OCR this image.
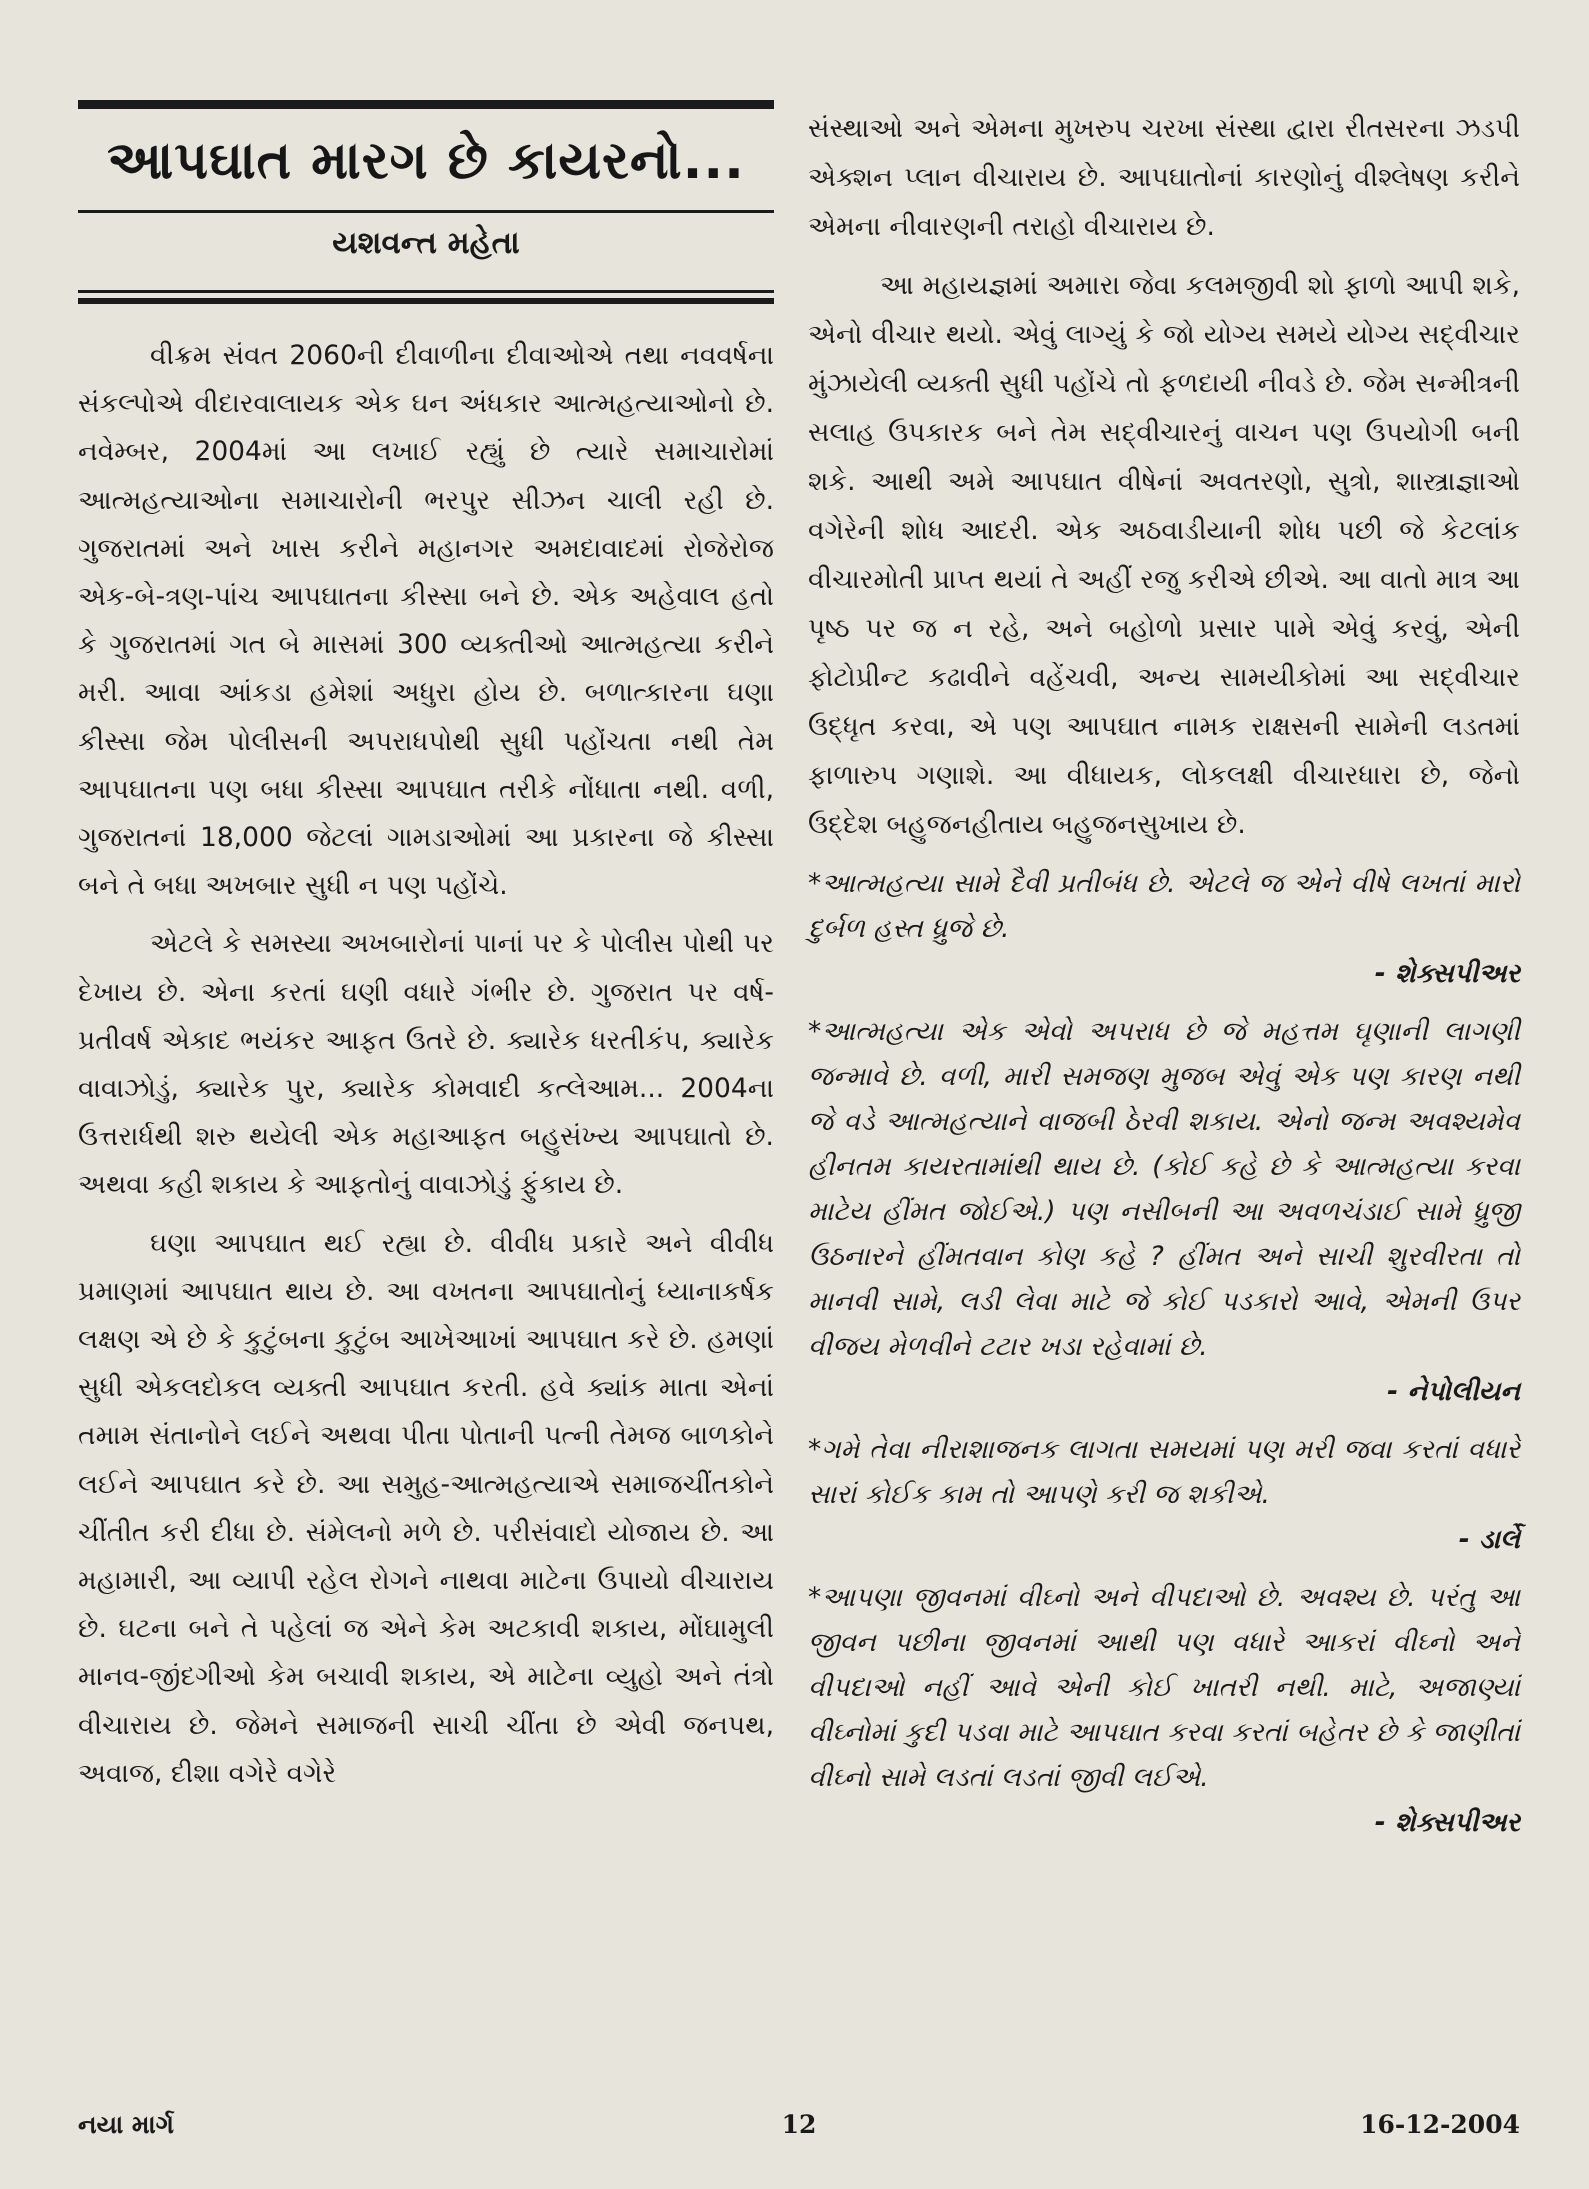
આપઘાત મારગ છે કાયરનો...
યશવન્ત મહેતા

વીક્રમ સંવત 2060ની દીવાળીના દીવાઓએ તથા નવવર્ષના સંકલ્પોએ વીદારવાલાયક એક ઘન અંધકાર આત્મહત્યાઓનો છે. નવેમ્બર, 2004માં આ લખાઈ રહ્યું છે ત્યારે સમાચારોમાં આત્મહત્યાઓના સમાચારોની ભરપુર સીઝન ચાલી રહી છે. ગુજરાતમાં અને ખાસ કરીને મહાનગર અમદાવાદમાં રોજેરોજ એક-બે-ત્રણ-પાંચ આપઘાતના કીસ્સા બને છે. એક અહેવાલ હતો કે ગુજરાતમાં ગત બે માસમાં 300 વ્યક્તીઓ આત્મહત્યા કરીને મરી. આવા આંકડા હમેશાં અધુરા હોય છે. બળાત્કારના ઘણા કીસ્સા જેમ પોલીસની અપરાધપોથી સુધી પહોંચતા નથી તેમ આપઘાતના પણ બધા કીસ્સા આપઘાત તરીકે નોંધાતા નથી. વળી, ગુજરાતનાં 18,000 જેટલાં ગામડાઓમાં આ પ્રકારના જે કીસ્સા બને તે બધા અખબાર સુધી ન પણ પહોંચે.

એટલે કે સમસ્યા અખબારોનાં પાનાં પર કે પોલીસ પોથી પર દેખાય છે. એના કરતાં ઘણી વધારે ગંભીર છે. ગુજરાત પર વર્ષ-પ્રતીવર્ષ એકાદ ભયંકર આફત ઉતરે છે. ક્યારેક ધરતીકંપ, ક્યારેક વાવાઝોડું, ક્યારેક પુર, ક્યારેક કોમવાદી કત્લેઆમ... 2004ના ઉત્તરાર્ધથી શરુ થયેલી એક મહાઆફત બહુસંખ્ય આપઘાતો છે. અથવા કહી શકાય કે આફતોનું વાવાઝોડું ફુંકાય છે.

ઘણા આપઘાત થઈ રહ્યા છે. વીવીધ પ્રકારે અને વીવીધ પ્રમાણમાં આપઘાત થાય છે. આ વખતના આપઘાતોનું ધ્યાનાકર્ષક લક્ષણ એ છે કે કુટુંબના કુટુંબ આખેઆખાં આપઘાત કરે છે. હમણાં સુધી એકલદોકલ વ્યક્તી આપઘાત કરતી. હવે ક્યાંક માતા એનાં તમામ સંતાનોને લઈને અથવા પીતા પોતાની પત્ની તેમજ બાળકોને લઈને આપઘાત કરે છે. આ સમુહ-આત્મહત્યાએ સમાજચીંતકોને ચીંતીત કરી દીધા છે. સંમેલનો મળે છે. પરીસંવાદો યોજાય છે. આ મહામારી, આ વ્યાપી રહેલ રોગને નાથવા માટેના ઉપાયો વીચારાય છે. ઘટના બને તે પહેલાં જ એને કેમ અટકાવી શકાય, મોંઘામુલી માનવ-જીંદગીઓ કેમ બચાવી શકાય, એ માટેના વ્યુહો અને તંત્રો વીચારાય છે. જેમને સમાજની સાચી ચીંતા છે એવી જનપથ, અવાજ, દીશા વગેરે વગેરે

સંસ્થાઓ અને એમના મુખરુપ ચરખા સંસ્થા દ્વારા રીતસરના ઝડપી એક્શન પ્લાન વીચારાય છે. આપઘાતોનાં કારણોનું વીશ્લેષણ કરીને એમના નીવારણની તરાહો વીચારાય છે.

આ મહાયજ્ઞમાં અમારા જેવા કલમજીવી શો ફાળો આપી શકે, એનો વીચાર થયો. એવું લાગ્યું કે જો યોગ્ય સમયે યોગ્ય સદ્‌વીચાર મુંઝાયેલી વ્યક્તી સુધી પહોંચે તો ફળદાયી નીવડે છે. જેમ સન્મીત્રની સલાહ ઉપકારક બને તેમ સદ્‌વીચારનું વાચન પણ ઉપયોગી બની શકે. આથી અમે આપઘાત વીષેનાં અવતરણો, સુત્રો, શાસ્ત્રાજ્ઞાઓ વગેરેની શોધ આદરી. એક અઠવાડીયાની શોધ પછી જે કેટલાંક વીચારમોતી પ્રાપ્ત થયાં તે અહીં રજુ કરીએ છીએ. આ વાતો માત્ર આ પૃષ્ઠ પર જ ન રહે, અને બહોળો પ્રસાર પામે એવું કરવું, એની ફોટોપ્રીન્ટ કઢાવીને વહેંચવી, અન્ય સામયીકોમાં આ સદ્‌વીચાર ઉદ્ધૃત કરવા, એ પણ આપઘાત નામક રાક્ષસની સામેની લડતમાં ફાળારુપ ગણાશે. આ વીધાયક, લોકલક્ષી વીચારધારા છે, જેનો ઉદ્દેશ બહુજનહીતાય બહુજનસુખાય છે.

*આત્મહત્યા સામે દૈવી પ્રતીબંધ છે. એટલે જ એને વીષે લખતાં મારો દુર્બળ હસ્ત ધ્રુજે છે.

- શેક્સપીઅર

*આત્મહત્યા એક એવો અપરાધ છે જે મહત્તમ ઘૃણાની લાગણી જન્માવે છે. વળી, મારી સમજણ મુજબ એવું એક પણ કારણ નથી જે વડે આત્મહત્યાને વાજબી ઠેરવી શકાય. એનો જન્મ અવશ્યમેવ હીનતમ કાયરતામાંથી થાય છે. (કોઈ કહે છે કે આત્મહત્યા કરવા માટેય હીંમત જોઈએ.) પણ નસીબની આ અવળચંડાઈ સામે ધ્રુજી ઉઠનારને હીંમતવાન કોણ કહે ? હીંમત અને સાચી શુરવીરતા તો માનવી સામે, લડી લેવા માટે જે કોઈ પડકારો આવે, એમની ઉપર વીજય મેળવીને ટટાર ખડા રહેવામાં છે.

- નેપોલીયન

*ગમે તેવા નીરાશાજનક લાગતા સમયમાં પણ મરી જવા કરતાં વધારે સારાં કોઈક કામ તો આપણે કરી જ શકીએ.

- ડાર્લે

*આપણા જીવનમાં વીઘ્નો અને વીપદાઓ છે. અવશ્ય છે. પરંતુ આ જીવન પછીના જીવનમાં આથી પણ વધારે આકરાં વીઘ્નો અને વીપદાઓ નહીં આવે એની કોઈ ખાતરી નથી. માટે, અજાણ્યાં વીઘ્નોમાં કુદી પડવા માટે આપઘાત કરવા કરતાં બહેતર છે કે જાણીતાં વીઘ્નો સામે લડતાં લડતાં જીવી લઈએ.

- શેક્સપીઅર
નયા માર્ગ	12	16-12-2004
